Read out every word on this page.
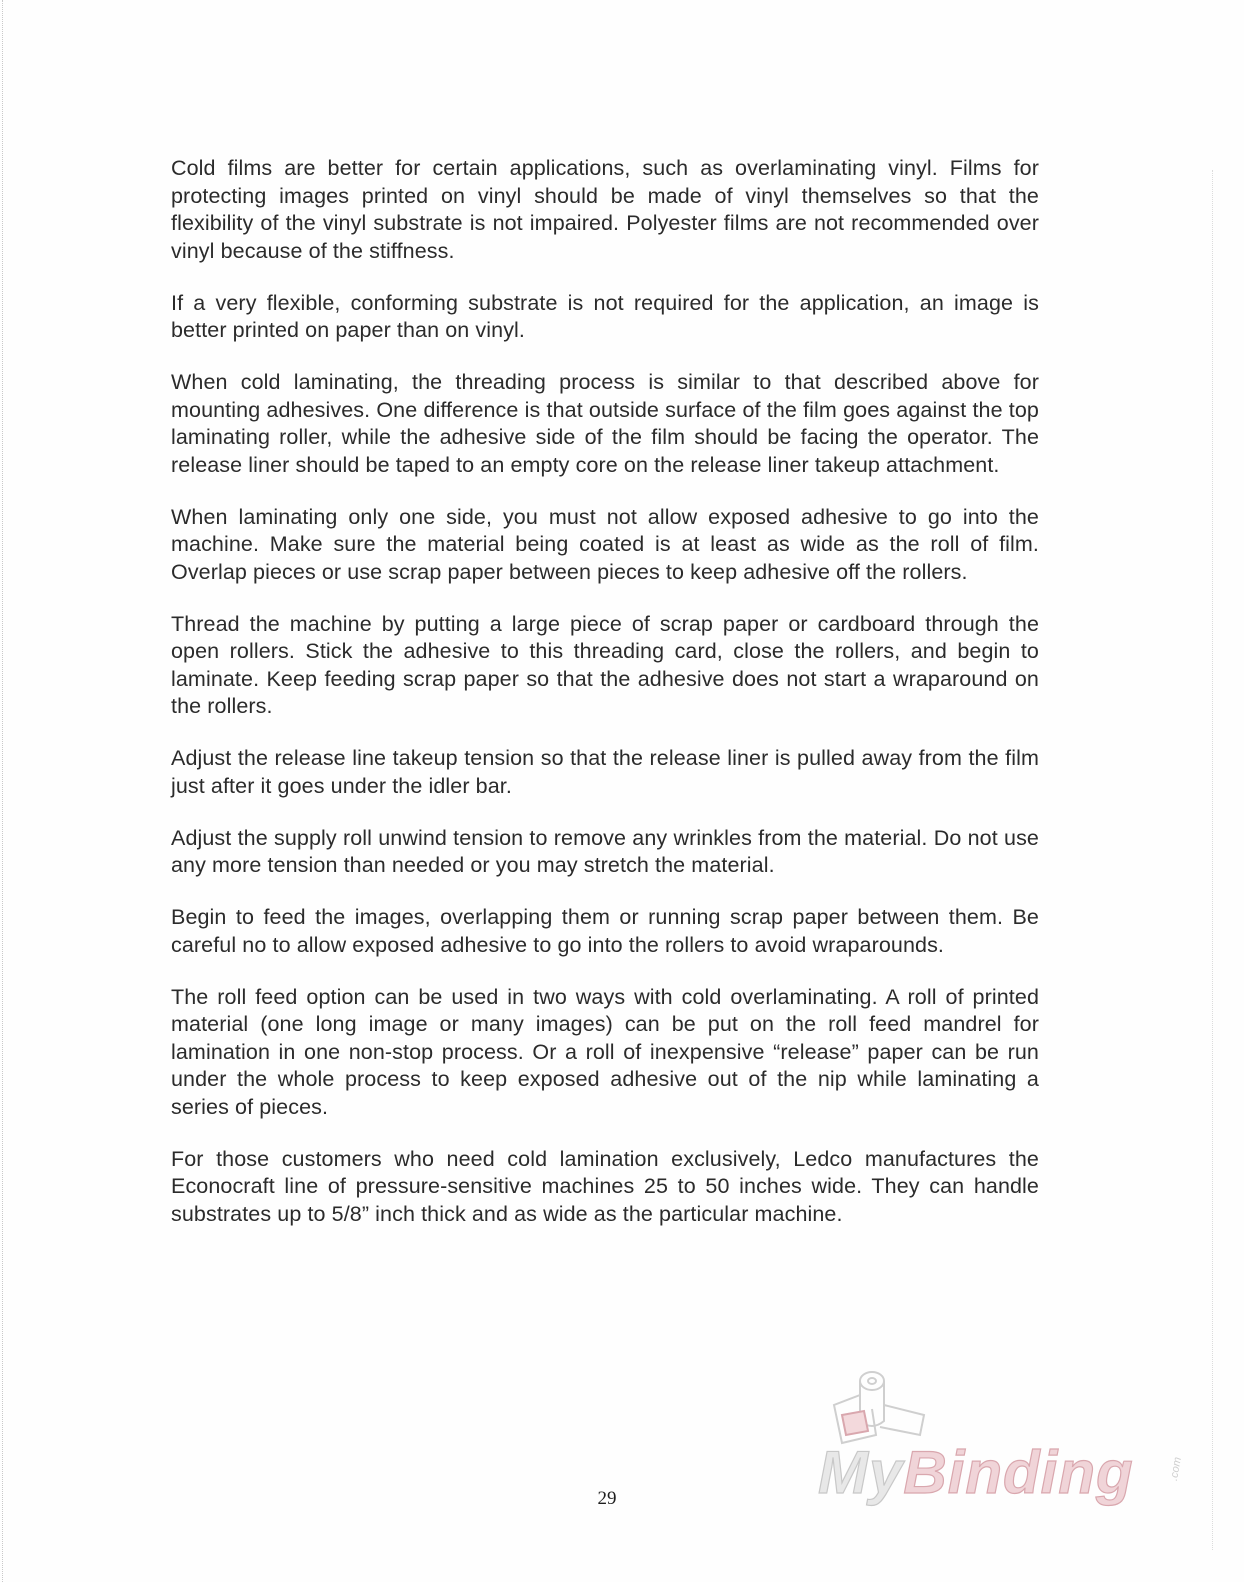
Cold films are better for certain applications, such as overlaminating vinyl. Films for protecting images printed on vinyl should be made of vinyl themselves so that the flexibility of the vinyl substrate is not impaired. Polyester films are not recommended over vinyl because of the stiffness.

If a very flexible, conforming substrate is not required for the application, an image is better printed on paper than on vinyl.

When cold laminating, the threading process is similar to that described above for mounting adhesives. One difference is that outside surface of the film goes against the top laminating roller, while the adhesive side of the film should be facing the operator. The release liner should be taped to an empty core on the release liner takeup attachment.

When laminating only one side, you must not allow exposed adhesive to go into the machine. Make sure the material being coated is at least as wide as the roll of film. Overlap pieces or use scrap paper between pieces to keep adhesive off the rollers.

Thread the machine by putting a large piece of scrap paper or cardboard through the open rollers. Stick the adhesive to this threading card, close the rollers, and begin to laminate. Keep feeding scrap paper so that the adhesive does not start a wraparound on the rollers.

Adjust the release line takeup tension so that the release liner is pulled away from the film just after it goes under the idler bar.

Adjust the supply roll unwind tension to remove any wrinkles from the material. Do not use any more tension than needed or you may stretch the material.

Begin to feed the images, overlapping them or running scrap paper between them. Be careful no to allow exposed adhesive to go into the rollers to avoid wraparounds.

The roll feed option can be used in two ways with cold overlaminating. A roll of printed material (one long image or many images) can be put on the roll feed mandrel for lamination in one non-stop process. Or a roll of inexpensive “release” paper can be run under the whole process to keep exposed adhesive out of the nip while laminating a series of pieces.

For those customers who need cold lamination exclusively, Ledco manufactures the Econocraft line of pressure-sensitive machines 25 to 50 inches wide. They can handle substrates up to 5/8” inch thick and as wide as the particular machine.

29	MyBinding	.com
